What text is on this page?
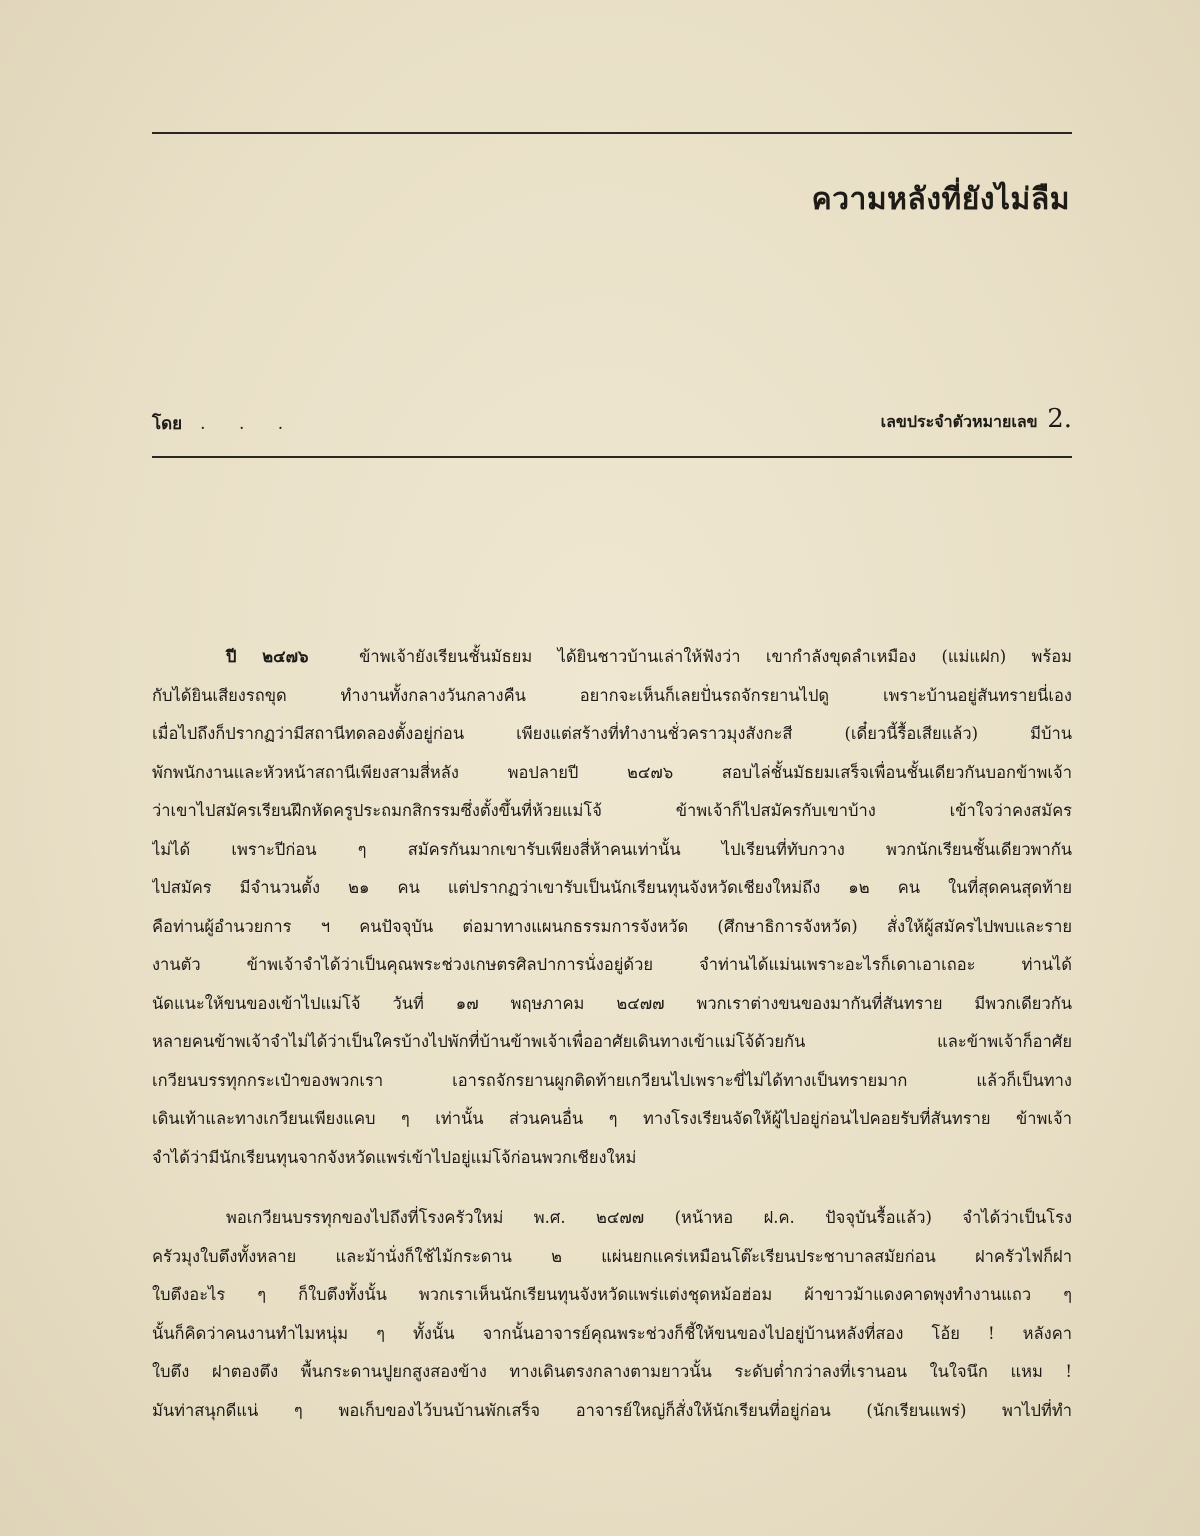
ความหลังที่ยังไม่ลืม
โดย . . .	เลขประจำตัวหมายเลข 2.
ปี ๒๔๗๖	ข้าพเจ้ายังเรียนชั้นมัธยม ได้ยินชาวบ้านเล่าให้ฟังว่า เขากำลังขุดลำเหมือง (แม่แฝก) พร้อม
กับได้ยินเสียงรถขุด ทำงานทั้งกลางวันกลางคืน อยากจะเห็นก็เลยปั่นรถจักรยานไปดู เพราะบ้านอยู่สันทรายนี่เอง
เมื่อไปถึงก็ปรากฏว่ามีสถานีทดลองตั้งอยู่ก่อน เพียงแต่สร้างที่ทำงานชั่วคราวมุงสังกะสี (เดี๋ยวนี้รื้อเสียแล้ว) มีบ้าน
พักพนักงานและหัวหน้าสถานีเพียงสามสี่หลัง พอปลายปี ๒๔๗๖ สอบไล่ชั้นมัธยมเสร็จเพื่อนชั้นเดียวกันบอกข้าพเจ้า
ว่าเขาไปสมัครเรียนฝึกหัดครูประถมกสิกรรมซึ่งตั้งขึ้นที่ห้วยแม่โจ้ ข้าพเจ้าก็ไปสมัครกับเขาบ้าง เข้าใจว่าคงสมัคร
ไม่ได้ เพราะปีก่อน ๆ สมัครกันมากเขารับเพียงสี่ห้าคนเท่านั้น ไปเรียนที่ทับกวาง พวกนักเรียนชั้นเดียวพากัน
ไปสมัคร มีจำนวนตั้ง ๒๑ คน แต่ปรากฏว่าเขารับเป็นนักเรียนทุนจังหวัดเชียงใหม่ถึง ๑๒ คน ในที่สุดคนสุดท้าย
คือท่านผู้อำนวยการ ฯ คนปัจจุบัน ต่อมาทางแผนกธรรมการจังหวัด (ศึกษาธิการจังหวัด) สั่งให้ผู้สมัครไปพบและราย
งานตัว ข้าพเจ้าจำได้ว่าเป็นคุณพระช่วงเกษตรศิลปาการนั่งอยู่ด้วย จำท่านได้แม่นเพราะอะไรก็เดาเอาเถอะ ท่านได้
นัดแนะให้ขนของเข้าไปแม่โจ้ วันที่ ๑๗ พฤษภาคม ๒๔๗๗ พวกเราต่างขนของมากันที่สันทราย มีพวกเดียวกัน
หลายคนข้าพเจ้าจำไม่ได้ว่าเป็นใครบ้างไปพักที่บ้านข้าพเจ้าเพื่ออาศัยเดินทางเข้าแม่โจ้ด้วยกัน และข้าพเจ้าก็อาศัย
เกวียนบรรทุกกระเป๋าของพวกเรา เอารถจักรยานผูกติดท้ายเกวียนไปเพราะขี่ไม่ได้ทางเป็นทรายมาก แล้วก็เป็นทาง
เดินเท้าและทางเกวียนเพียงแคบ ๆ เท่านั้น ส่วนคนอื่น ๆ ทางโรงเรียนจัดให้ผู้ไปอยู่ก่อนไปคอยรับที่สันทราย ข้าพเจ้า
จำได้ว่ามีนักเรียนทุนจากจังหวัดแพร่เข้าไปอยู่แม่โจ้ก่อนพวกเชียงใหม่
พอเกวียนบรรทุกของไปถึงที่โรงครัวใหม่ พ.ศ. ๒๔๗๗ (หน้าหอ ฝ.ค. ปัจจุบันรื้อแล้ว) จำได้ว่าเป็นโรง
ครัวมุงใบตึงทั้งหลาย และม้านั่งก็ใช้ไม้กระดาน ๒ แผ่นยกแคร่เหมือนโต๊ะเรียนประชาบาลสมัยก่อน ฝาครัวไฟก็ฝา
ใบตึงอะไร ๆ ก็ใบตึงทั้งนั้น พวกเราเห็นนักเรียนทุนจังหวัดแพร่แต่งชุดหม้อฮ่อม ผ้าขาวม้าแดงคาดพุงทำงานแถว ๆ
นั้นก็คิดว่าคนงานทำไมหนุ่ม ๆ ทั้งนั้น จากนั้นอาจารย์คุณพระช่วงก็ชี้ให้ขนของไปอยู่บ้านหลังที่สอง โอ้ย ! หลังคา
ใบตึง ฝาตองตึง พื้นกระดานปูยกสูงสองข้าง ทางเดินตรงกลางตามยาวนั้น ระดับต่ำกว่าลงที่เรานอน ในใจนึก แหม !
มันท่าสนุกดีแน่ ๆ พอเก็บของไว้บนบ้านพักเสร็จ อาจารย์ใหญ่ก็สั่งให้นักเรียนที่อยู่ก่อน (นักเรียนแพร่) พาไปที่ทำ
